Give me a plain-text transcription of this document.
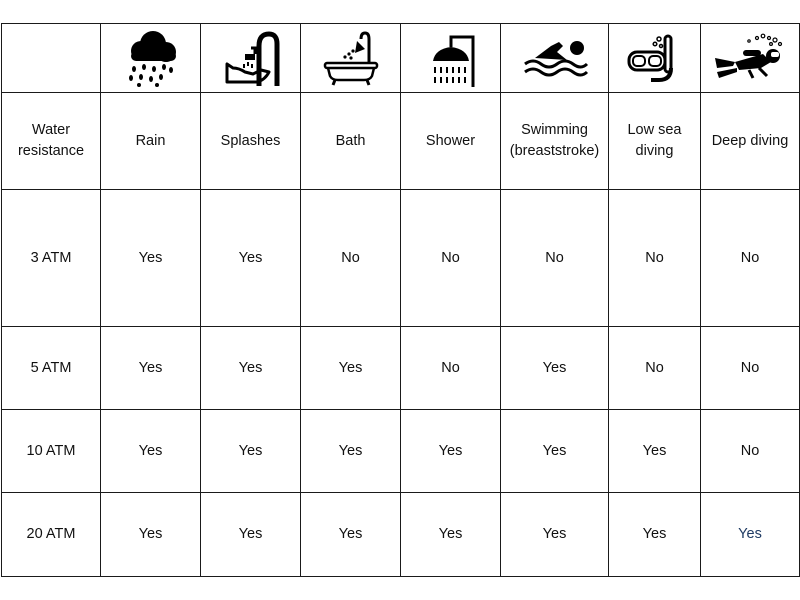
Water resistance	Rain	Splashes	Bath	Shower	Swimming (breaststroke)	Low sea diving	Deep diving
3 ATM	Yes	Yes	No	No	No	No	No
5 ATM	Yes	Yes	Yes	No	Yes	No	No
10 ATM	Yes	Yes	Yes	Yes	Yes	Yes	No
20 ATM	Yes	Yes	Yes	Yes	Yes	Yes	Yes
